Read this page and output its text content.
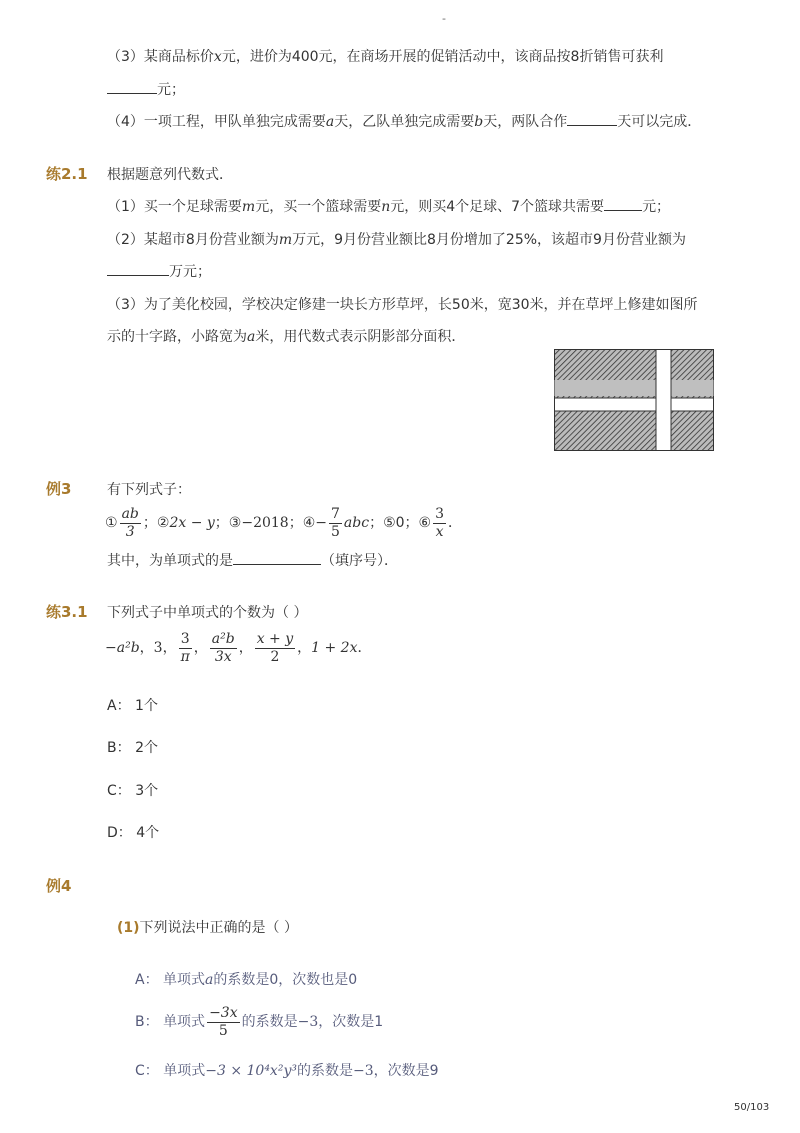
-
（3）某商品标价x元，进价为400元，在商场开展的促销活动中，该商品按8折销售可获利
元；
（4）一项工程，甲队单独完成需要a天，乙队单独完成需要b天，两队合作	天可以完成．
练2.1 根据题意列代数式．
（1）买一个足球需要m元，买一个篮球需要n元，则买4个足球、7个篮球共需要	元；
（2）某超市8月份营业额为m万元，9月份营业额比8月份增加了25%，该超市9月份营业额为
万元；
（3）为了美化校园，学校决定修建一块长方形草坪，长50米，宽30米，并在草坪上修建如图所
示的十字路，小路宽为a米，用代数式表示阴影部分面积．
例3	有下列式子：
① $\frac{ab}{3}$ ；②2x − y；③−2018；④− $\frac{7}{5}$ abc；⑤0；⑥ $\frac{3}{x}$ ．
其中，为单项式的是	（填序号）．
练3.1 下列式子中单项式的个数为（ ）
−a²b，3， $\frac{3}{\pi}$ ， $\frac{\text{a²b}}{3x}$ ， $\frac{x + y}{2}$ ，1 + 2x．
A： 1个
B： 2个
C： 3个
D： 4个
例4
(1)下列说法中正确的是（ ）
A： 单项式a的系数是0，次数也是0
B： 单项式 $\frac{-3x}{5}$ 的系数是−3，次数是1
C： 单项式−3 × 10⁴x²y³的系数是−3，次数是9
50/103
